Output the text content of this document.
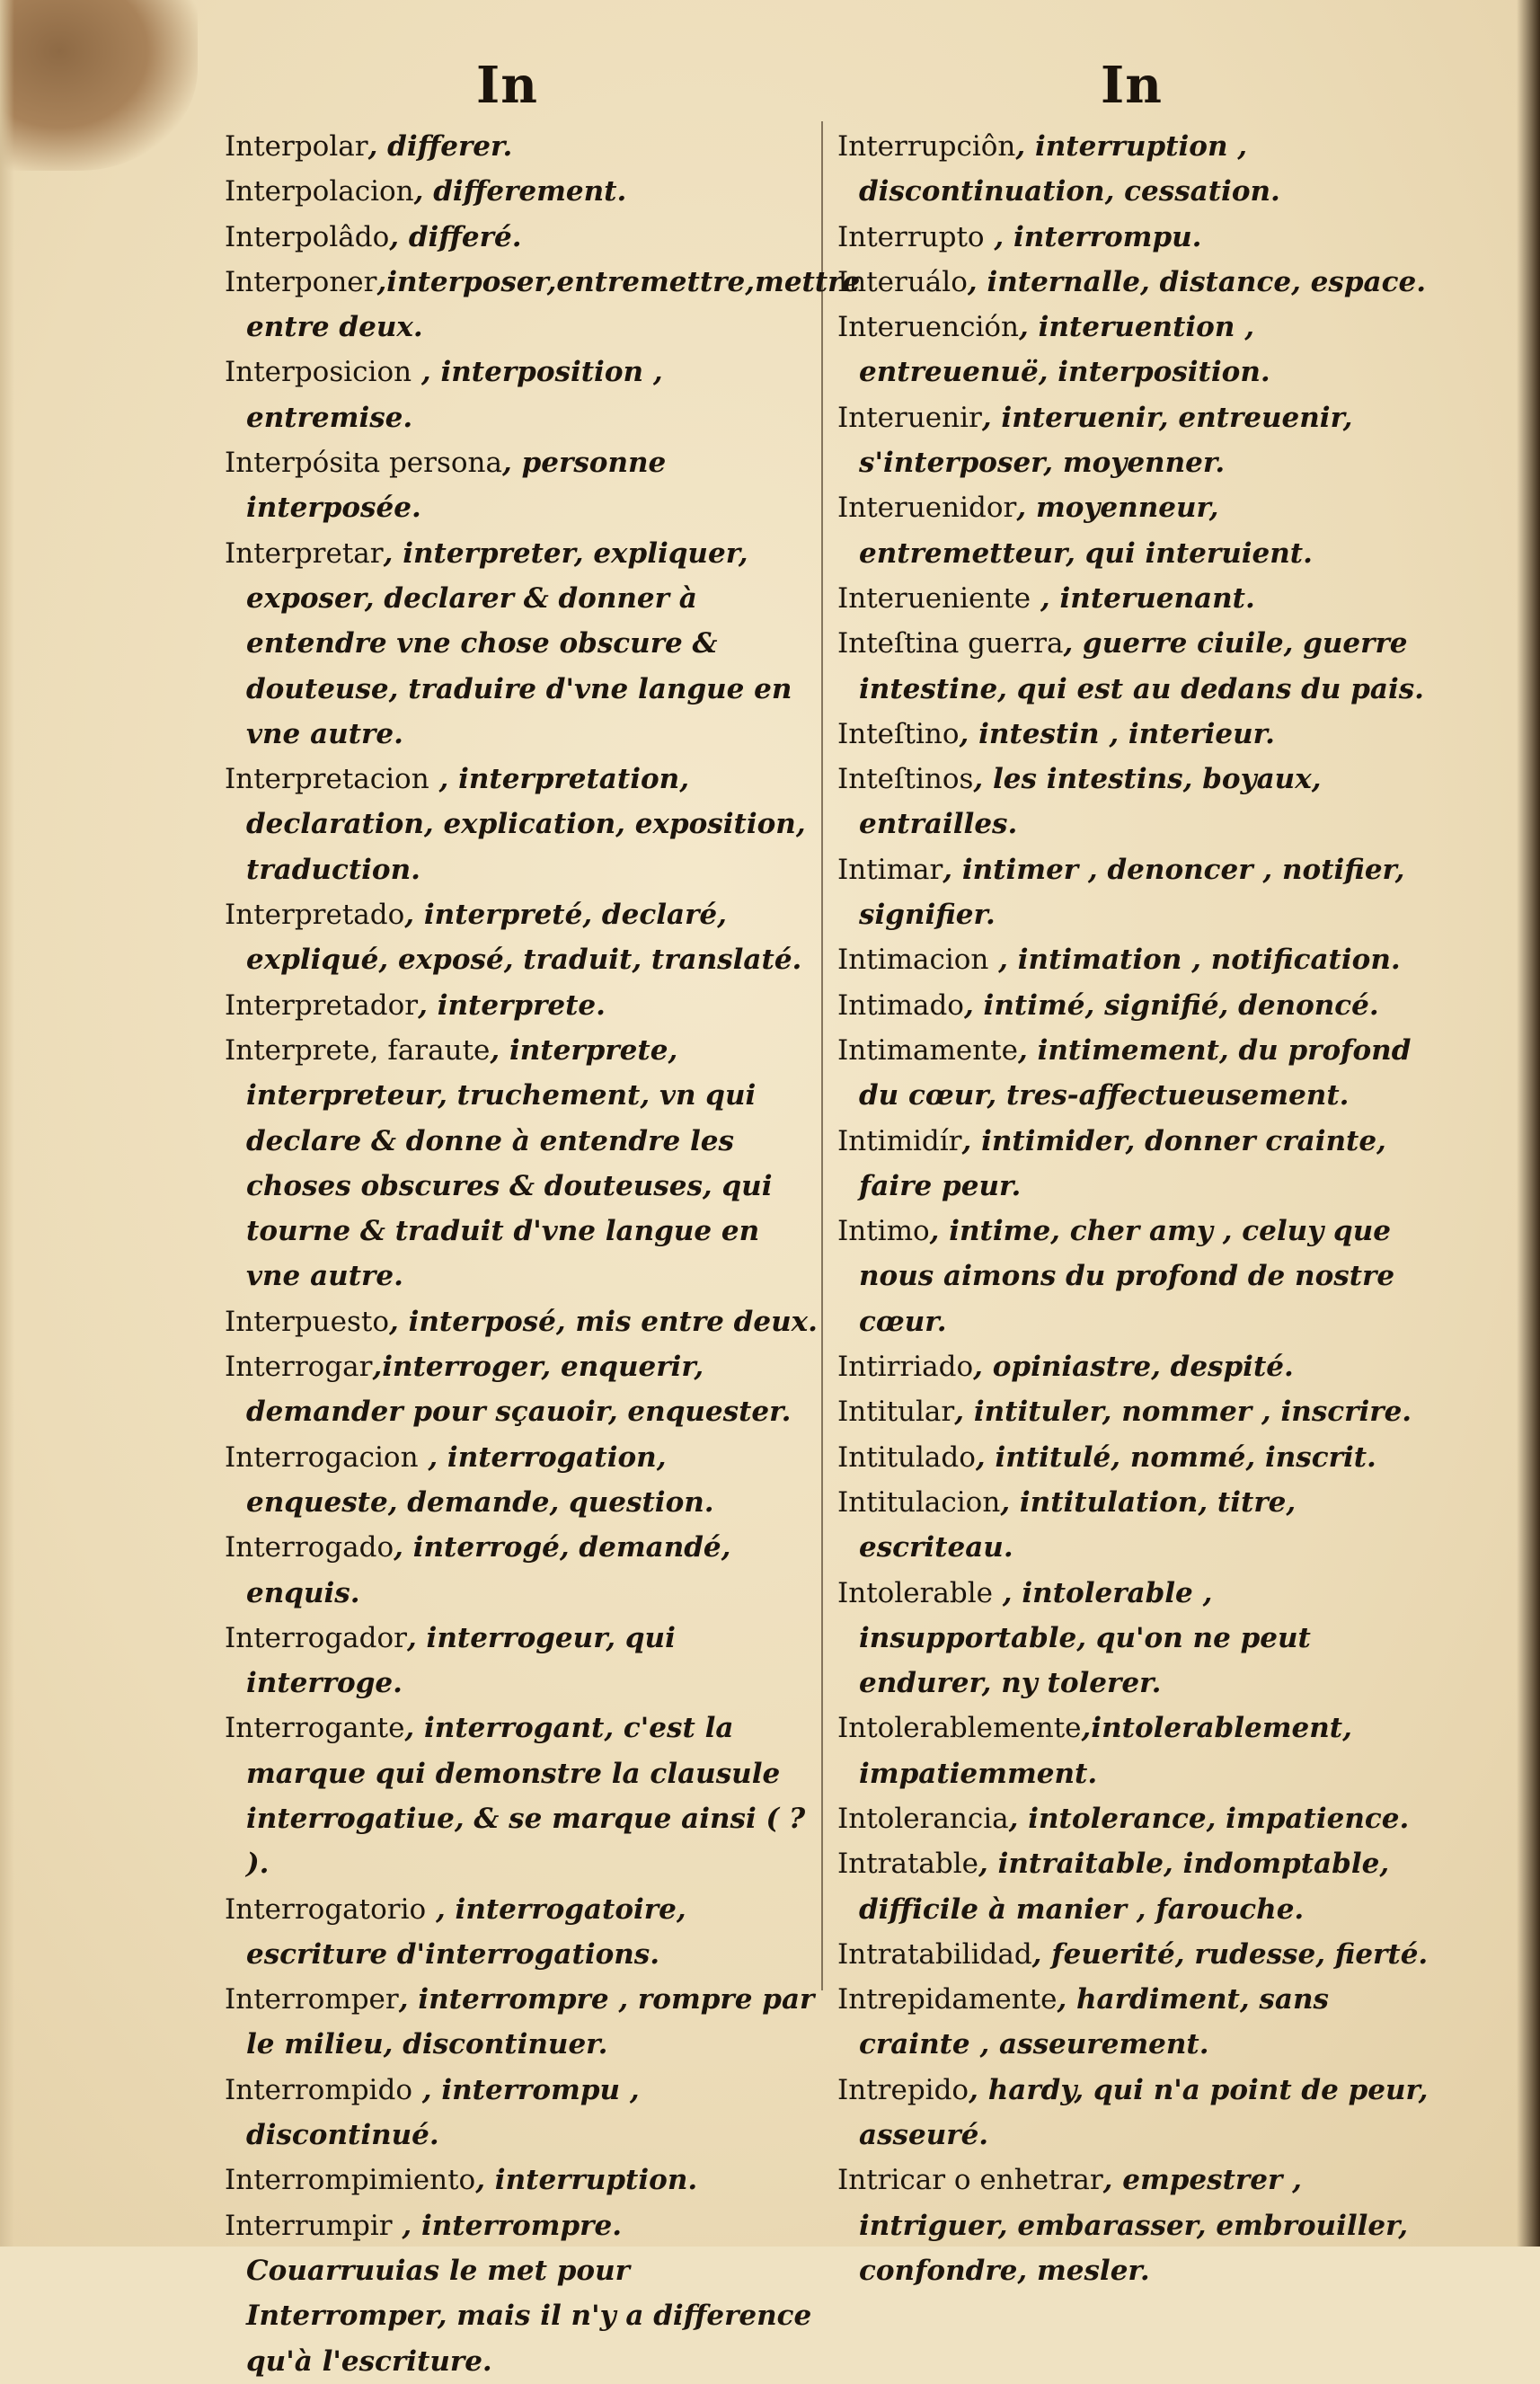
In	In
Interpolar, differer.
Interpolacion, differement.
Interpolâdo, differé.
Interponer,interposer,entremettre,mettre entre deux.
Interposicion , interposition , entremise.
Interpósita persona, personne interposée.
Interpretar, interpreter, expliquer, exposer, declarer & donner à entendre vne chose obscure & douteuse, traduire d'vne langue en vne autre.
Interpretacion , interpretation, declaration, explication, exposition, traduction.
Interpretado, interpreté, declaré, expliqué, exposé, traduit, translaté.
Interpretador, interprete.
Interprete, faraute, interprete, interpreteur, truchement, vn qui declare & donne à entendre les choses obscures & douteuses, qui tourne & traduit d'vne langue en vne autre.
Interpuesto, interposé, mis entre deux.
Interrogar,interroger, enquerir, demander pour sçauoir, enquester.
Interrogacion , interrogation, enqueste, demande, question.
Interrogado, interrogé, demandé, enquis.
Interrogador, interrogeur, qui interroge.
Interrogante, interrogant, c'est la marque qui demonstre la clausule interrogatiue, & se marque ainsi ( ? ).
Interrogatorio , interrogatoire, escriture d'interrogations.
Interromper, interrompre , rompre par le milieu, discontinuer.
Interrompido , interrompu , discontinué.
Interrompimiento, interruption.
Interrumpir , interrompre. Couarruuias le met pour Interromper, mais il n'y a difference qu'à l'escriture.
Interrupciôn, interruption , discontinuation, cessation.
Interrupto , interrompu.
Interuálo, internalle, distance, espace.
Interuención, interuention , entreuenuë, interposition.
Interuenir, interuenir, entreuenir, s'interposer, moyenner.
Interuenidor, moyenneur, entremetteur, qui interuient.
Interueniente , interuenant.
Inteſtina guerra, guerre ciuile, guerre intestine, qui est au dedans du pais.
Inteſtino, intestin , interieur.
Inteſtinos, les intestins, boyaux, entrailles.
Intimar, intimer , denoncer , notifier, signifier.
Intimacion , intimation , notification.
Intimado, intimé, signifié, denoncé.
Intimamente, intimement, du profond du cœur, tres-affectueusement.
Intimidír, intimider, donner crainte, faire peur.
Intimo, intime, cher amy , celuy que nous aimons du profond de nostre cœur.
Intirriado, opiniastre, despité.
Intitular, intituler, nommer , inscrire.
Intitulado, intitulé, nommé, inscrit.
Intitulacion, intitulation, titre, escriteau.
Intolerable , intolerable , insupportable, qu'on ne peut endurer, ny tolerer.
Intolerablemente,intolerablement, impatiemment.
Intolerancia, intolerance, impatience.
Intratable, intraitable, indomptable, difficile à manier , farouche.
Intratabilidad, feuerité, rudesse, fierté.
Intrepidamente, hardiment, sans crainte , asseurement.
Intrepido, hardy, qui n'a point de peur, asseuré.
Intricar o enhetrar, empestrer , intriguer, embarasser, embrouiller, confondre, mesler.
